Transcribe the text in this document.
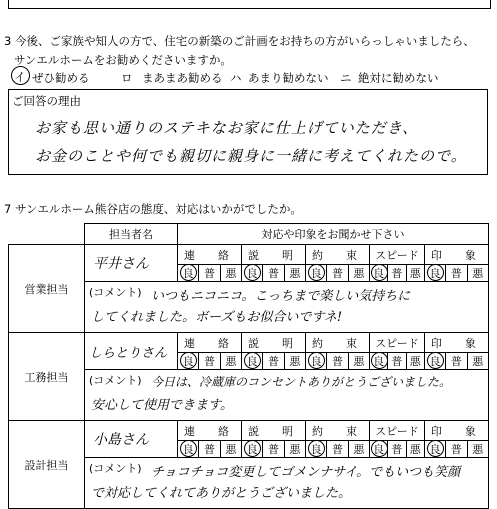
3 今後、ご家族や知人の方で、住宅の新築のご計画をお持ちの方がいらっしゃいましたら、
サンエルホームをお勧めくださいますか。
イ ぜひ勧める	ロ まあまあ勧める ハ あまり勧めない ニ 絶対に勧めない
ご回答の理由
お家も思い通りのステキなお家に仕上げていただき、
お金のことや何でも親切に親身に一緒に考えてくれたので。
7 サンエルホーム熊谷店の態度、対応はいかがでしたか。
	担当者名	対応や印象をお聞かせ下さい														
営業担当	平井さん	連　絡			説　明			約　束			スピード			印　象		
		良	普	悪	良	普	悪	良	普	悪	良	普	悪	良	普	悪
	(コメント) いつもニコニコ。こっちまで楽しい気持ちに
してくれました。ボーズもお似合いですネ!															

工務担当	しらとりさん	連　絡			説　明			約　束			スピード			印　象		
		良	普	悪	良	普	悪	良	普	悪	良	普	悪	良	普	悪
	(コメント) 今日は、冷蔵庫のコンセントありがとうございました。
安心して使用できます。															

設計担当	小島さん	連　絡			説　明			約　束			スピード			印　象		
		良	普	悪	良	普	悪	良	普	悪	良	普	悪	良	普	悪
	(コメント) チョコチョコ変更してゴメンナサイ。でもいつも笑顔
で対応してくれてありがとうございました。															
